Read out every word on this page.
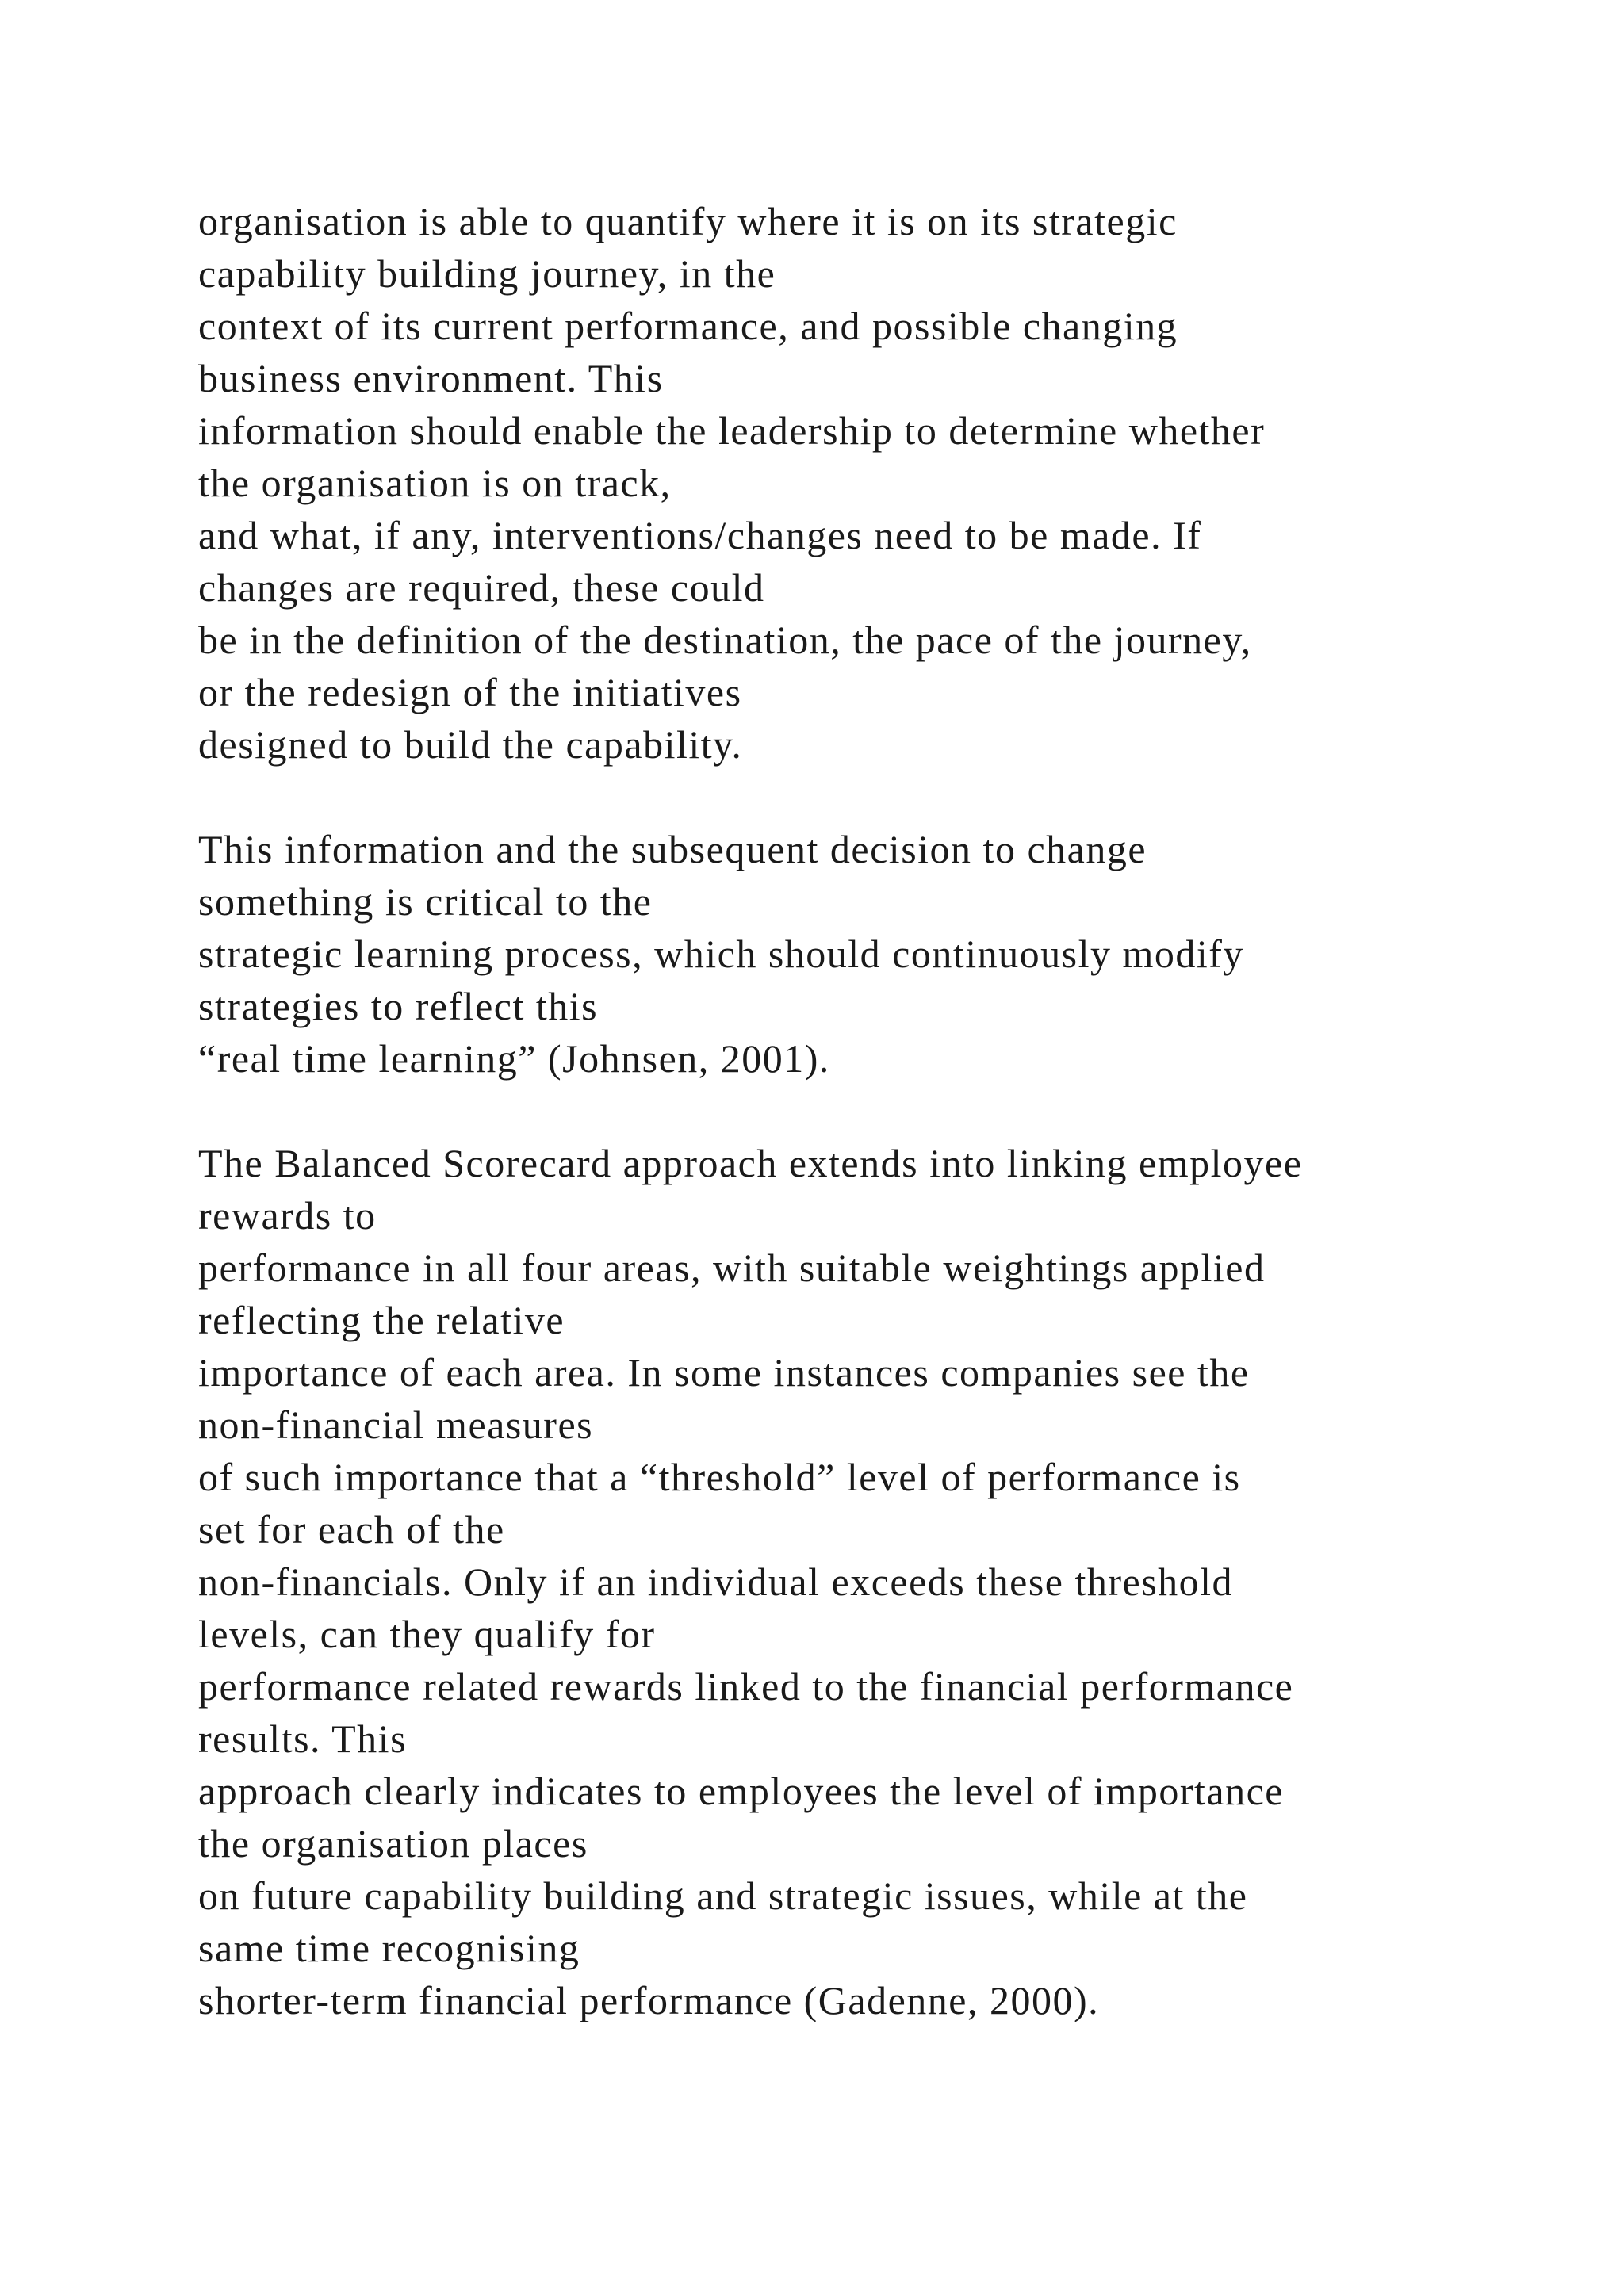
organisation is able to quantify where it is on its strategic
capability building journey, in the
context of its current performance, and possible changing
business environment. This
information should enable the leadership to determine whether
the organisation is on track,
and what, if any, interventions/changes need to be made. If
changes are required, these could
be in the definition of the destination, the pace of the journey,
or the redesign of the initiatives
designed to build the capability.

This information and the subsequent decision to change
something is critical to the
strategic learning process, which should continuously modify
strategies to reflect this
“real time learning” (Johnsen, 2001).

The Balanced Scorecard approach extends into linking employee
rewards to
performance in all four areas, with suitable weightings applied
reflecting the relative
importance of each area. In some instances companies see the
non-financial measures
of such importance that a “threshold” level of performance is
set for each of the
non-financials. Only if an individual exceeds these threshold
levels, can they qualify for
performance related rewards linked to the financial performance
results. This
approach clearly indicates to employees the level of importance
the organisation places
on future capability building and strategic issues, while at the
same time recognising
shorter-term financial performance (Gadenne, 2000).
